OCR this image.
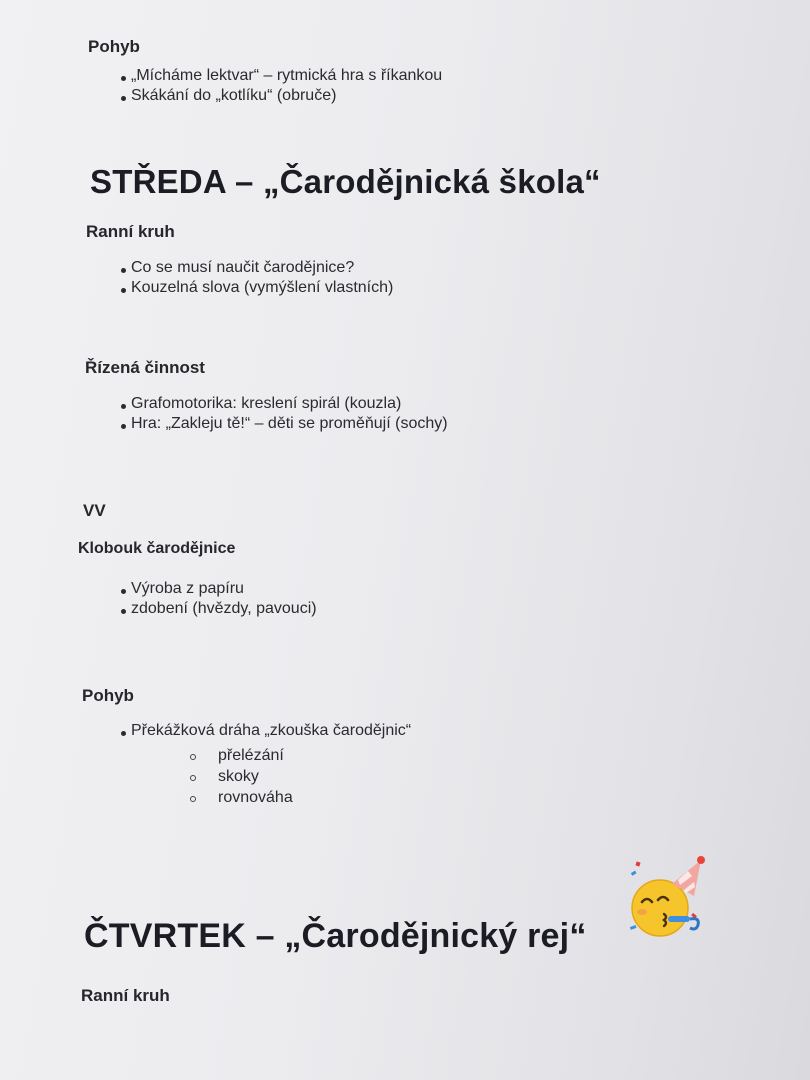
Pohyb
„Mícháme lektvar“ – rytmická hra s říkankou
Skákání do „kotlíku“ (obruče)
STŘEDA – „Čarodějnická škola“
Ranní kruh
Co se musí naučit čarodějnice?
Kouzelná slova (vymýšlení vlastních)
Řízená činnost
Grafomotorika: kreslení spirál (kouzla)
Hra: „Zakleju tě!“ – děti se proměňují (sochy)
VV
Klobouk čarodějnice
Výroba z papíru
zdobení (hvězdy, pavouci)
Pohyb
Překážková dráha „zkouška čarodějnic“
přelézání
skoky
rovnováha
ČTVRTEK – „Čarodějnický rej“
Ranní kruh
